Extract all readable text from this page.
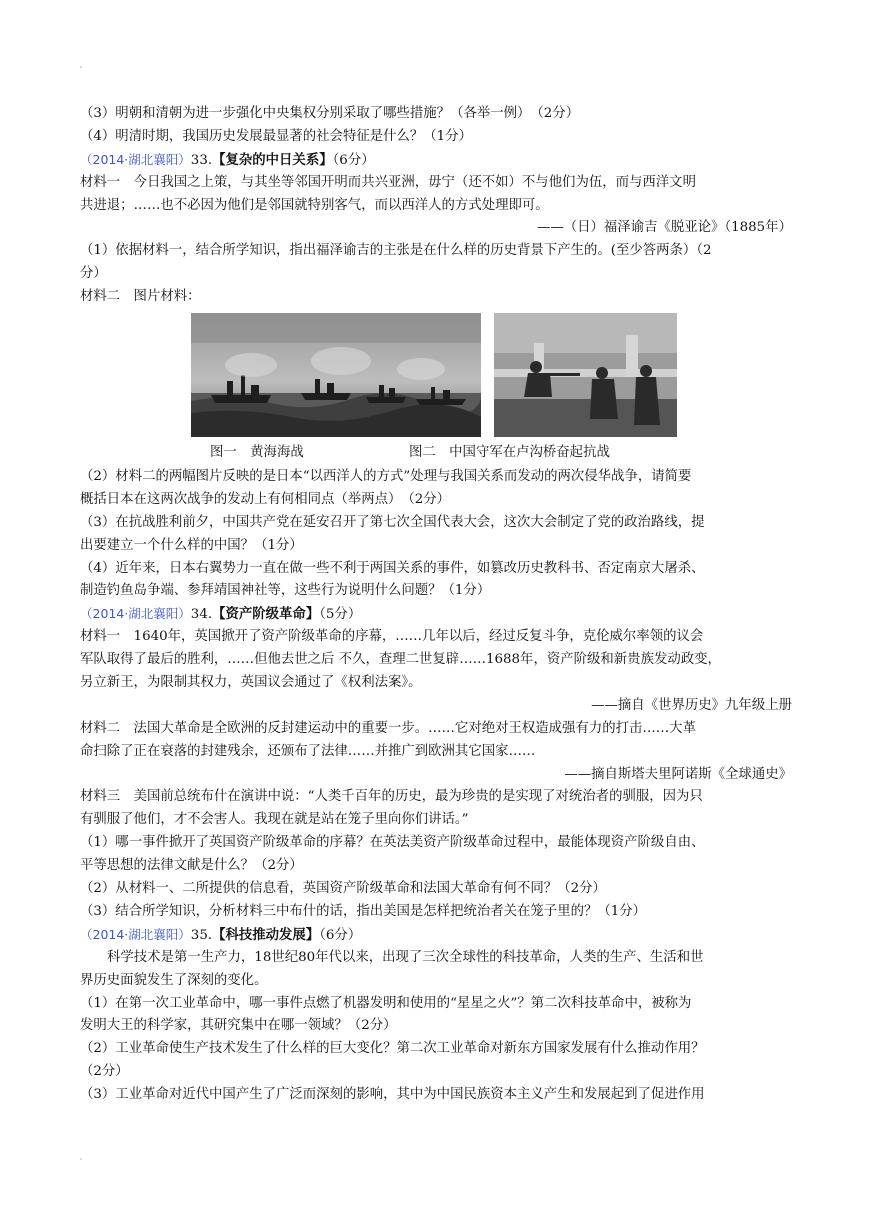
（3）明朝和清朝为进一步强化中央集权分别采取了哪些措施？（各举一例）　（2分）
（4）明清时期，我国历史发展最显著的社会特征是什么？（1分）
（2014·湖北襄阳）33.【复杂的中日关系】（6分）
材料一　今日我国之上策，与其坐等邻国开明而共兴亚洲，毋宁（还不如）不与他们为伍，而与西洋文明
共进退；……也不必因为他们是邻国就特别客气，而以西洋人的方式处理即可。
——（日）福泽谕吉《脱亚论》（1885年）
（1）依据材料一，结合所学知识，指出福泽谕吉的主张是在什么样的历史背景下产生的。(至少答两条）（2
分）
材料二　图片材料：
图一　黄海海战	图二　中国守军在卢沟桥奋起抗战
（2）材料二的两幅图片反映的是日本“以西洋人的方式”处理与我国关系而发动的两次侵华战争，请简要
概括日本在这两次战争的发动上有何相同点（举两点）　（2分）
（3）在抗战胜利前夕，中国共产党在延安召开了第七次全国代表大会，这次大会制定了党的政治路线，提
出要建立一个什么样的中国？（1分）
（4）近年来，日本右翼势力一直在做一些不利于两国关系的事件，如篡改历史教科书、否定南京大屠杀、
制造钓鱼岛争端、参拜靖国神社等，这些行为说明什么问题？（1分）
（2014·湖北襄阳）34.【资产阶级革命】（5分）
材料一　1640年，英国掀开了资产阶级革命的序幕，……几年以后，经过反复斗争，克伦威尔率领的议会
军队取得了最后的胜利，……但他去世之后 不久，查理二世复辟……1688年，资产阶级和新贵族发动政变，
另立新王，为限制其权力，英国议会通过了《权利法案》。
——摘自《世界历史》九年级上册
材料二　法国大革命是全欧洲的反封建运动中的重要一步。……它对绝对王权造成强有力的打击……大革
命扫除了正在衰落的封建残余，还颁布了法律……并推广到欧洲其它国家……
——摘自斯塔夫里阿诺斯《全球通史》
材料三　美国前总统布什在演讲中说：“人类千百年的历史，最为珍贵的是实现了对统治者的驯服，因为只
有驯服了他们，才不会害人。我现在就是站在笼子里向你们讲话。”
（1）哪一事件掀开了英国资产阶级革命的序幕？在英法美资产阶级革命过程中，最能体现资产阶级自由、
平等思想的法律文献是什么？（2分）
（2）从材料一、二所提供的信息看，英国资产阶级革命和法国大革命有何不同？（2分）
（3）结合所学知识，分析材料三中布什的话，指出美国是怎样把统治者关在笼子里的？（1分）
（2014·湖北襄阳）35.【科技推动发展】（6分）
科学技术是第一生产力，18世纪80年代以来，出现了三次全球性的科技革命，人类的生产、生活和世
界历史面貌发生了深刻的变化。
（1）在第一次工业革命中，哪一事件点燃了机器发明和使用的“星星之火”？第二次科技革命中，被称为
发明大王的科学家，其研究集中在哪一领域？（2分）
（2）工业革命使生产技术发生了什么样的巨大变化？第二次工业革命对新东方国家发展有什么推动作用？
（2分）
（3）工业革命对近代中国产生了广泛而深刻的影响，其中为中国民族资本主义产生和发展起到了促进作用
